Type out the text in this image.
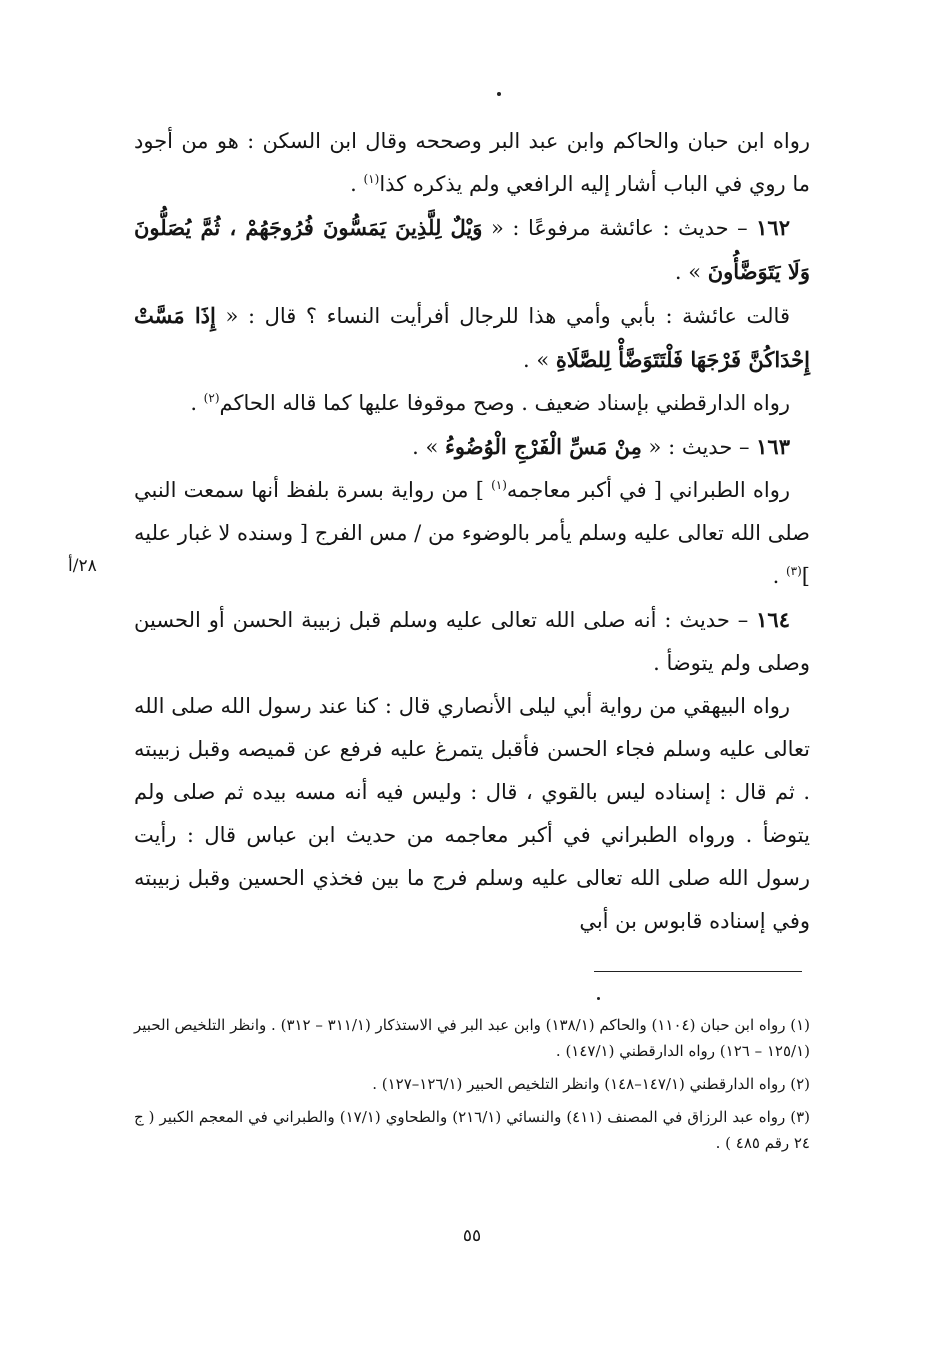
رواه ابن حبان والحاكم وابن عبد البر وصححه وقال ابن السكن : هو من أجود ما روي في الباب أشار إليه الرافعي ولم يذكره كذا$^{(١)}$ .

١٦٢ – حديث : عائشة مرفوعًا : « وَيْلٌ لِلَّذِينَ يَمَسُّونَ فُرُوجَهُمْ ، ثُمَّ يُصَلُّونَ وَلَا يَتَوَضَّأُونَ » .

قالت عائشة : بأبي وأمي هذا للرجال أفرأيت النساء ؟ قال : « إِذَا مَسَّتْ إِحْدَاكُنَّ فَرْجَهَا فَلْتَتَوَضَّأْ لِلصَّلَاةِ » .

رواه الدارقطني بإسناد ضعيف . وصح موقوفا عليها كما قاله الحاكم$^{(٢)}$ .

١٦٣ – حديث : « مِنْ مَسِّ الْفَرْجِ الْوُضُوءُ » .

رواه الطبراني [ في أكبر معاجمه$^{(١)}$ ] من رواية بسرة بلفظ أنها سمعت النبي صلى الله تعالى عليه وسلم يأمر بالوضوء من / مس الفرج [ وسنده لا غبار عليه ]$^{(٣)}$ .

١٦٤ – حديث : أنه صلى الله تعالى عليه وسلم قبل زبيبة الحسن أو الحسين وصلى ولم يتوضأ .

رواه البيهقي من رواية أبي ليلى الأنصاري قال : كنا عند رسول الله صلى الله تعالى عليه وسلم فجاء الحسن فأقبل يتمرغ عليه فرفع عن قميصه وقبل زبيبته . ثم قال : إسناده ليس بالقوي ، قال : وليس فيه أنه مسه بيده ثم صلى ولم يتوضأ . ورواه الطبراني في أكبر معاجمه من حديث ابن عباس قال : رأيت رسول الله صلى الله تعالى عليه وسلم فرج ما بين فخذي الحسين وقبل زبيبته وفي إسناده قابوس بن أبي

٢٨/أ

(١) رواه ابن حبان (١١٠٤) والحاكم (١٣٨/١) وابن عبد البر في الاستذكار (٣١١/١ – ٣١٢) . وانظر التلخيص الحبير (١٢٥/١ – ١٢٦) رواه الدارقطني (١٤٧/١) .

(٢) رواه الدارقطني (١٤٧/١–١٤٨) وانظر التلخيص الحبير (١٢٦/١–١٢٧) .

(٣) رواه عبد الرزاق في المصنف (٤١١) والنسائي (٢١٦/١) والطحاوي (١٧/١) والطبراني في المعجم الكبير ( ج ٢٤ رقم ٤٨٥ ) .

٥٥
